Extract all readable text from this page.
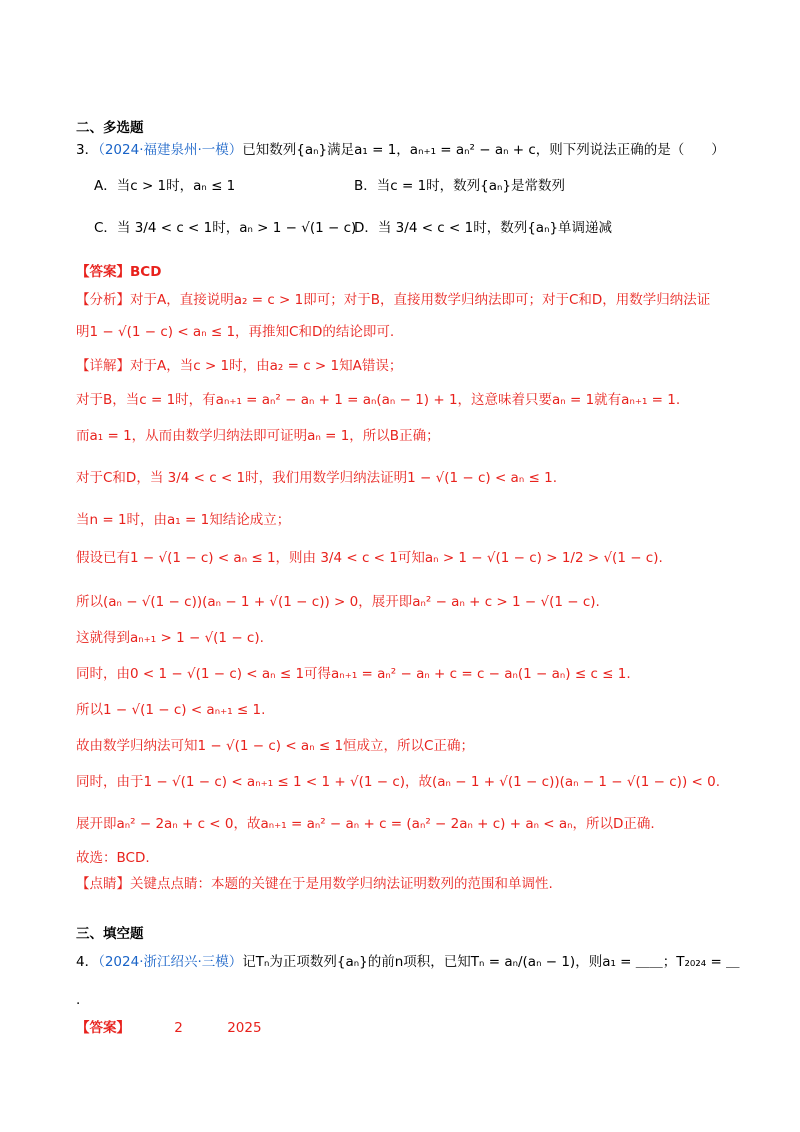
二、多选题
3．（2024·福建泉州·一模）已知数列{aₙ}满足a₁ = 1，aₙ₊₁ = aₙ² − aₙ + c，则下列说法正确的是（　　）
A．当c > 1时，aₙ ≤ 1	B．当c = 1时，数列{aₙ}是常数列
C．当 3/4 < c < 1时，aₙ > 1 − √(1 − c)
D．当 3/4 < c < 1时，数列{aₙ}单调递减
【答案】BCD
【分析】对于A，直接说明a₂ = c > 1即可；对于B，直接用数学归纳法即可；对于C和D，用数学归纳法证
明1 − √(1 − c) < aₙ ≤ 1，再推知C和D的结论即可.
【详解】对于A，当c > 1时，由a₂ = c > 1知A错误；
对于B，当c = 1时，有aₙ₊₁ = aₙ² − aₙ + 1 = aₙ(aₙ − 1) + 1，这意味着只要aₙ = 1就有aₙ₊₁ = 1.
而a₁ = 1，从而由数学归纳法即可证明aₙ = 1，所以B正确；
对于C和D，当 3/4 < c < 1时，我们用数学归纳法证明1 − √(1 − c) < aₙ ≤ 1.
当n = 1时，由a₁ = 1知结论成立；
假设已有1 − √(1 − c) < aₙ ≤ 1，则由 3/4 < c < 1可知aₙ > 1 − √(1 − c) > 1/2 > √(1 − c).
所以(aₙ − √(1 − c))(aₙ − 1 + √(1 − c)) > 0，展开即aₙ² − aₙ + c > 1 − √(1 − c).
这就得到aₙ₊₁ > 1 − √(1 − c).
同时，由0 < 1 − √(1 − c) < aₙ ≤ 1可得aₙ₊₁ = aₙ² − aₙ + c = c − aₙ(1 − aₙ) ≤ c ≤ 1.
所以1 − √(1 − c) < aₙ₊₁ ≤ 1.
故由数学归纳法可知1 − √(1 − c) < aₙ ≤ 1恒成立，所以C正确；
同时，由于1 − √(1 − c) < aₙ₊₁ ≤ 1 < 1 + √(1 − c)，故(aₙ − 1 + √(1 − c))(aₙ − 1 − √(1 − c)) < 0.
展开即aₙ² − 2aₙ + c < 0，故aₙ₊₁ = aₙ² − aₙ + c = (aₙ² − 2aₙ + c) + aₙ < aₙ，所以D正确.
故选：BCD.
【点睛】关键点点睛：本题的关键在于是用数学归纳法证明数列的范围和单调性.
三、填空题
4．（2024·浙江绍兴·三模）记Tₙ为正项数列{aₙ}的前n项积，已知Tₙ = aₙ/(aₙ − 1)，则a₁ = ＿＿；T₂₀₂₄ = ＿
.
【答案】	2	2025
